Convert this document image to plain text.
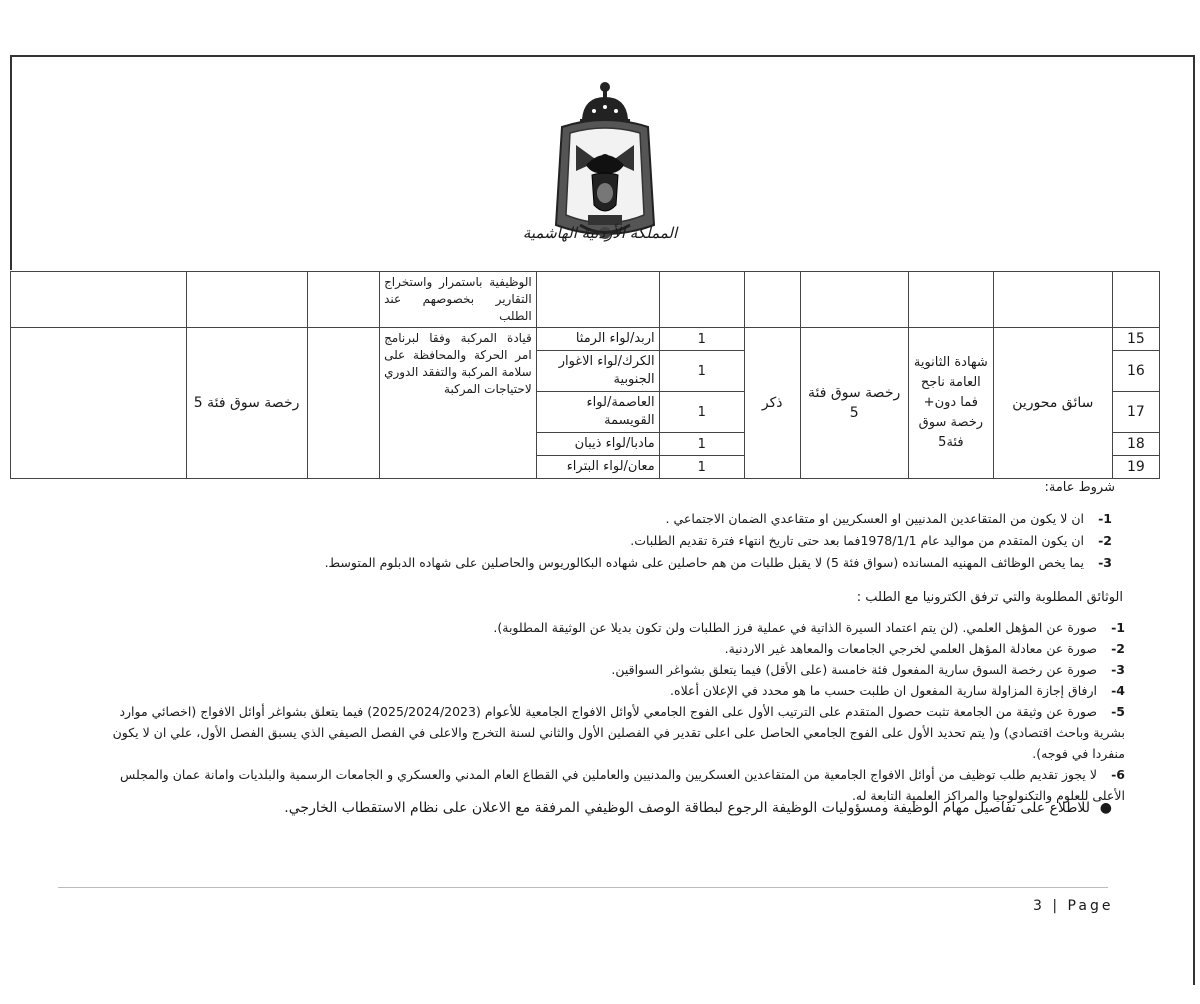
المملكة الأردنية الهاشمية
							الوظيفية باستمرار واستخراج التقارير بخصوصهم عند الطلب			
15	سائق محورين	شهادة الثانوية العامة ناجح فما دون+ رخصة سوق فئة5	رخصة سوق فئة 5	ذكر	1	اربد/لواء الرمثا	قيادة المركبة وفقا لبرنامج امر الحركة والمحافظة على سلامة المركبة والتفقد الدوري لاحتياجات المركبة		رخصة سوق فئة 5	
16					1	الكرك/لواء الاغوار الجنوبية				
17					1	العاصمة/لواء القويسمة				
18					1	مادبا/لواء ذيبان				
19					1	معان/لواء البتراء				
شروط عامة:
1-ان لا يكون من المتقاعدين المدنيين او العسكريين او متقاعدي الضمان الاجتماعي .
2-ان يكون المتقدم من مواليد عام 1978/1/1فما بعد حتى تاريخ انتهاء فترة تقديم الطلبات.
3-يما يخص الوظائف المهنيه المسانده (سواق فئة 5) لا يقبل طلبات من هم حاصلين على شهاده البكالوريوس والحاصلين على شهاده الدبلوم المتوسط.
الوثائق المطلوبة والتي ترفق الكترونيا مع الطلب :
1-صورة عن المؤهل العلمي. (لن يتم اعتماد السيرة الذاتية في عملية فرز الطلبات ولن تكون بديلا عن الوثيقة المطلوبة).
2-صورة عن معادلة المؤهل العلمي لخرجي الجامعات والمعاهد غير الاردنية.
3-صورة عن رخصة السوق سارية المفعول فئة خامسة (على الأقل) فيما يتعلق بشواغر السواقين.
4-ارفاق إجازة المزاولة سارية المفعول ان طلبت حسب ما هو محدد في الإعلان أعلاه.
5-صورة عن وثيقة من الجامعة تثبت حصول المتقدم على الترتيب الأول على الفوج الجامعي لأوائل الافواج الجامعية للأعوام (2025/2024/2023) فيما يتعلق بشواغر أوائل الافواج (اخصائي موارد بشرية وباحث اقتصادي) و( يتم تحديد الأول على الفوج الجامعي الحاصل على اعلى تقدير في الفصلين الأول والثاني لسنة التخرج والاعلى في الفصل الصيفي الذي يسبق الفصل الأول، علي ان لا يكون منفردا في فوجه).
6-لا يجوز تقديم طلب توظيف من أوائل الافواج الجامعية من المتقاعدين العسكريين والمدنيين والعاملين في القطاع العام المدني والعسكري و الجامعات الرسمية والبلديات وامانة عمان والمجلس الأعلى للعلوم والتكنولوجيا والمراكز العلمية التابعة له.
●للاطلاع على تفاصيل مهام الوظيفة ومسؤوليات الوظيفة الرجوع لبطاقة الوصف الوظيفي المرفقة مع الاعلان على نظام الاستقطاب الخارجي.
3 | Page
